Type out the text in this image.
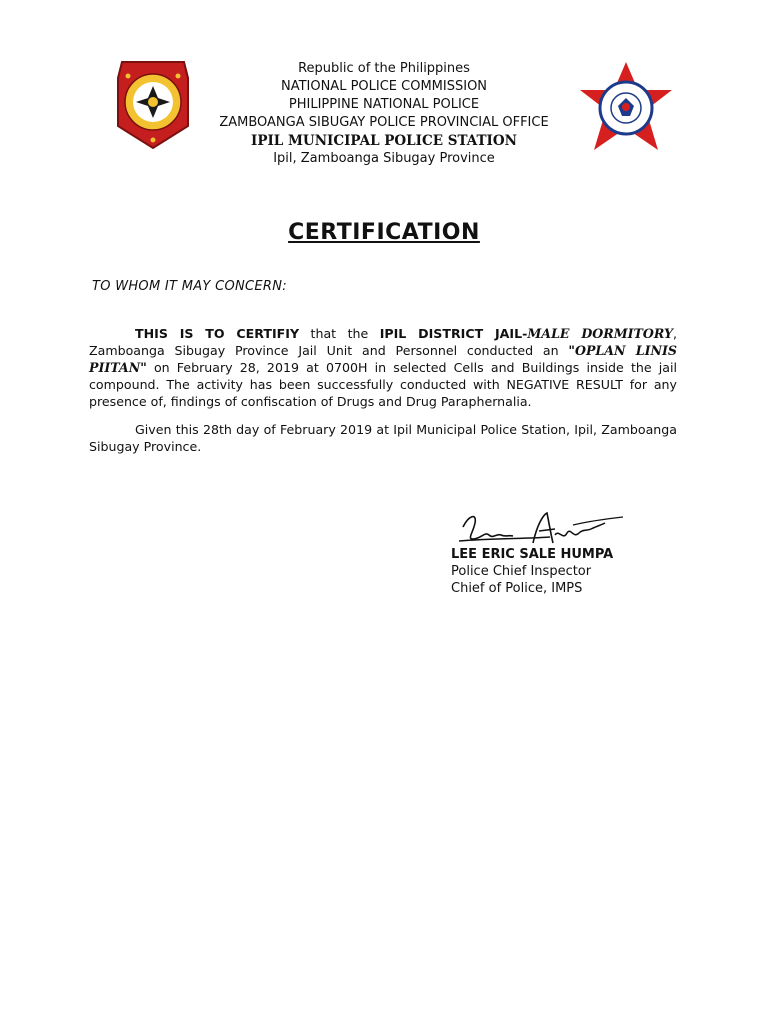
Republic of the Philippines
NATIONAL POLICE COMMISSION
PHILIPPINE NATIONAL POLICE
ZAMBOANGA SIBUGAY POLICE PROVINCIAL OFFICE
IPIL MUNICIPAL POLICE STATION
Ipil, Zamboanga Sibugay Province
CERTIFICATION
TO WHOM IT MAY CONCERN:
THIS IS TO CERTIFIY that the IPIL DISTRICT JAIL-MALE DORMITORY, Zamboanga Sibugay Province Jail Unit and Personnel conducted an "OPLAN LINIS PIITAN" on February 28, 2019 at 0700H in selected Cells and Buildings inside the jail compound. The activity has been successfully conducted with NEGATIVE RESULT for any presence of, findings of confiscation of Drugs and Drug Paraphernalia.
Given this 28th day of February 2019 at Ipil Municipal Police Station, Ipil, Zamboanga Sibugay Province.
LEE ERIC SALE HUMPA
Police Chief Inspector
Chief of Police, IMPS
